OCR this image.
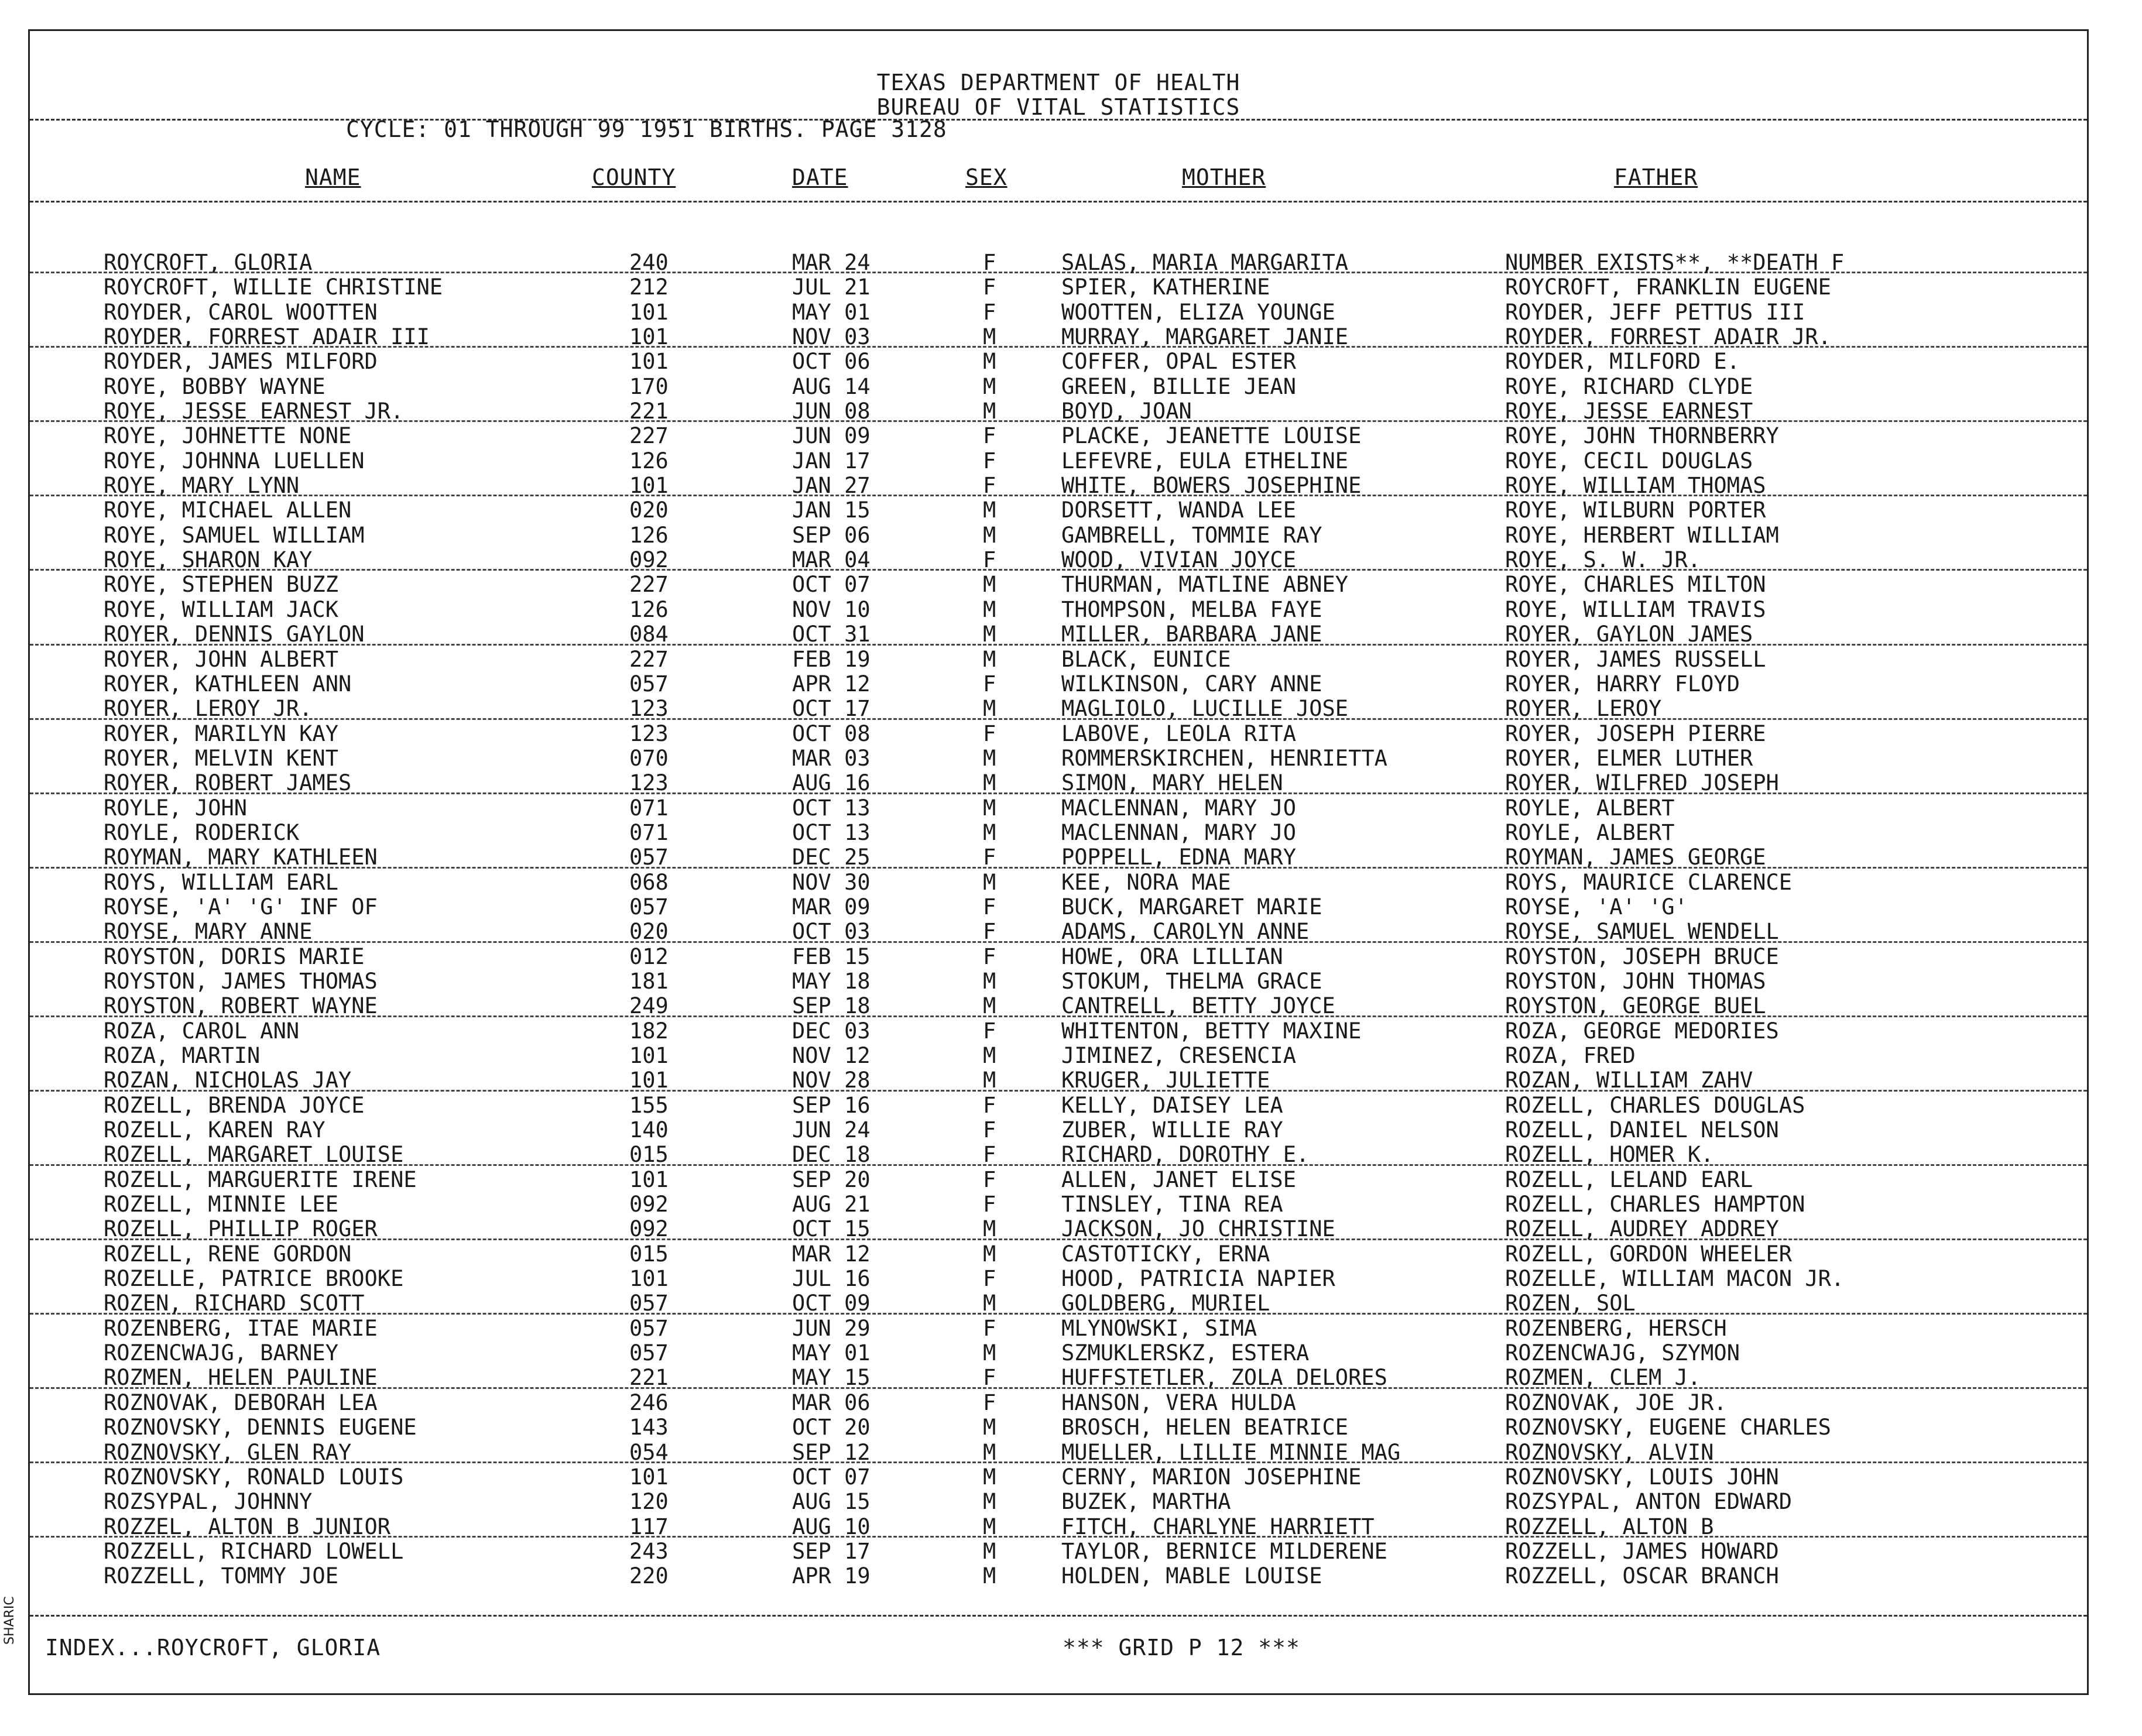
TEXAS DEPARTMENT OF HEALTH
BUREAU OF VITAL STATISTICS
CYCLE: 01 THROUGH 99 1951 BIRTHS. PAGE 3128
NAME	COUNTY	DATE	SEX	MOTHER	FATHER
ROYCROFT, GLORIA	240	MAR 24	F	SALAS, MARIA MARGARITA	NUMBER EXISTS**, **DEATH F
ROYCROFT, WILLIE CHRISTINE	212	JUL 21	F	SPIER, KATHERINE	ROYCROFT, FRANKLIN EUGENE
ROYDER, CAROL WOOTTEN	101	MAY 01	F	WOOTTEN, ELIZA YOUNGE	ROYDER, JEFF PETTUS III
ROYDER, FORREST ADAIR III	101	NOV 03	M	MURRAY, MARGARET JANIE	ROYDER, FORREST ADAIR JR.
ROYDER, JAMES MILFORD	101	OCT 06	M	COFFER, OPAL ESTER	ROYDER, MILFORD E.
ROYE, BOBBY WAYNE	170	AUG 14	M	GREEN, BILLIE JEAN	ROYE, RICHARD CLYDE
ROYE, JESSE EARNEST JR.	221	JUN 08	M	BOYD, JOAN	ROYE, JESSE EARNEST
ROYE, JOHNETTE NONE	227	JUN 09	F	PLACKE, JEANETTE LOUISE	ROYE, JOHN THORNBERRY
ROYE, JOHNNA LUELLEN	126	JAN 17	F	LEFEVRE, EULA ETHELINE	ROYE, CECIL DOUGLAS
ROYE, MARY LYNN	101	JAN 27	F	WHITE, BOWERS JOSEPHINE	ROYE, WILLIAM THOMAS
ROYE, MICHAEL ALLEN	020	JAN 15	M	DORSETT, WANDA LEE	ROYE, WILBURN PORTER
ROYE, SAMUEL WILLIAM	126	SEP 06	M	GAMBRELL, TOMMIE RAY	ROYE, HERBERT WILLIAM
ROYE, SHARON KAY	092	MAR 04	F	WOOD, VIVIAN JOYCE	ROYE, S. W. JR.
ROYE, STEPHEN BUZZ	227	OCT 07	M	THURMAN, MATLINE ABNEY	ROYE, CHARLES MILTON
ROYE, WILLIAM JACK	126	NOV 10	M	THOMPSON, MELBA FAYE	ROYE, WILLIAM TRAVIS
ROYER, DENNIS GAYLON	084	OCT 31	M	MILLER, BARBARA JANE	ROYER, GAYLON JAMES
ROYER, JOHN ALBERT	227	FEB 19	M	BLACK, EUNICE	ROYER, JAMES RUSSELL
ROYER, KATHLEEN ANN	057	APR 12	F	WILKINSON, CARY ANNE	ROYER, HARRY FLOYD
ROYER, LEROY JR.	123	OCT 17	M	MAGLIOLO, LUCILLE JOSE	ROYER, LEROY
ROYER, MARILYN KAY	123	OCT 08	F	LABOVE, LEOLA RITA	ROYER, JOSEPH PIERRE
ROYER, MELVIN KENT	070	MAR 03	M	ROMMERSKIRCHEN, HENRIETTA	ROYER, ELMER LUTHER
ROYER, ROBERT JAMES	123	AUG 16	M	SIMON, MARY HELEN	ROYER, WILFRED JOSEPH
ROYLE, JOHN	071	OCT 13	M	MACLENNAN, MARY JO	ROYLE, ALBERT
ROYLE, RODERICK	071	OCT 13	M	MACLENNAN, MARY JO	ROYLE, ALBERT
ROYMAN, MARY KATHLEEN	057	DEC 25	F	POPPELL, EDNA MARY	ROYMAN, JAMES GEORGE
ROYS, WILLIAM EARL	068	NOV 30	M	KEE, NORA MAE	ROYS, MAURICE CLARENCE
ROYSE, 'A' 'G' INF OF	057	MAR 09	F	BUCK, MARGARET MARIE	ROYSE, 'A' 'G'
ROYSE, MARY ANNE	020	OCT 03	F	ADAMS, CAROLYN ANNE	ROYSE, SAMUEL WENDELL
ROYSTON, DORIS MARIE	012	FEB 15	F	HOWE, ORA LILLIAN	ROYSTON, JOSEPH BRUCE
ROYSTON, JAMES THOMAS	181	MAY 18	M	STOKUM, THELMA GRACE	ROYSTON, JOHN THOMAS
ROYSTON, ROBERT WAYNE	249	SEP 18	M	CANTRELL, BETTY JOYCE	ROYSTON, GEORGE BUEL
ROZA, CAROL ANN	182	DEC 03	F	WHITENTON, BETTY MAXINE	ROZA, GEORGE MEDORIES
ROZA, MARTIN	101	NOV 12	M	JIMINEZ, CRESENCIA	ROZA, FRED
ROZAN, NICHOLAS JAY	101	NOV 28	M	KRUGER, JULIETTE	ROZAN, WILLIAM ZAHV
ROZELL, BRENDA JOYCE	155	SEP 16	F	KELLY, DAISEY LEA	ROZELL, CHARLES DOUGLAS
ROZELL, KAREN RAY	140	JUN 24	F	ZUBER, WILLIE RAY	ROZELL, DANIEL NELSON
ROZELL, MARGARET LOUISE	015	DEC 18	F	RICHARD, DOROTHY E.	ROZELL, HOMER K.
ROZELL, MARGUERITE IRENE	101	SEP 20	F	ALLEN, JANET ELISE	ROZELL, LELAND EARL
ROZELL, MINNIE LEE	092	AUG 21	F	TINSLEY, TINA REA	ROZELL, CHARLES HAMPTON
ROZELL, PHILLIP ROGER	092	OCT 15	M	JACKSON, JO CHRISTINE	ROZELL, AUDREY ADDREY
ROZELL, RENE GORDON	015	MAR 12	M	CASTOTICKY, ERNA	ROZELL, GORDON WHEELER
ROZELLE, PATRICE BROOKE	101	JUL 16	F	HOOD, PATRICIA NAPIER	ROZELLE, WILLIAM MACON JR.
ROZEN, RICHARD SCOTT	057	OCT 09	M	GOLDBERG, MURIEL	ROZEN, SOL
ROZENBERG, ITAE MARIE	057	JUN 29	F	MLYNOWSKI, SIMA	ROZENBERG, HERSCH
ROZENCWAJG, BARNEY	057	MAY 01	M	SZMUKLERSKZ, ESTERA	ROZENCWAJG, SZYMON
ROZMEN, HELEN PAULINE	221	MAY 15	F	HUFFSTETLER, ZOLA DELORES	ROZMEN, CLEM J.
ROZNOVAK, DEBORAH LEA	246	MAR 06	F	HANSON, VERA HULDA	ROZNOVAK, JOE JR.
ROZNOVSKY, DENNIS EUGENE	143	OCT 20	M	BROSCH, HELEN BEATRICE	ROZNOVSKY, EUGENE CHARLES
ROZNOVSKY, GLEN RAY	054	SEP 12	M	MUELLER, LILLIE MINNIE MAG	ROZNOVSKY, ALVIN
ROZNOVSKY, RONALD LOUIS	101	OCT 07	M	CERNY, MARION JOSEPHINE	ROZNOVSKY, LOUIS JOHN
ROZSYPAL, JOHNNY	120	AUG 15	M	BUZEK, MARTHA	ROZSYPAL, ANTON EDWARD
ROZZEL, ALTON B JUNIOR	117	AUG 10	M	FITCH, CHARLYNE HARRIETT	ROZZELL, ALTON B
ROZZELL, RICHARD LOWELL	243	SEP 17	M	TAYLOR, BERNICE MILDERENE	ROZZELL, JAMES HOWARD
ROZZELL, TOMMY JOE	220	APR 19	M	HOLDEN, MABLE LOUISE	ROZZELL, OSCAR BRANCH
INDEX...ROYCROFT, GLORIA	*** GRID P 12 ***
SHARIC
